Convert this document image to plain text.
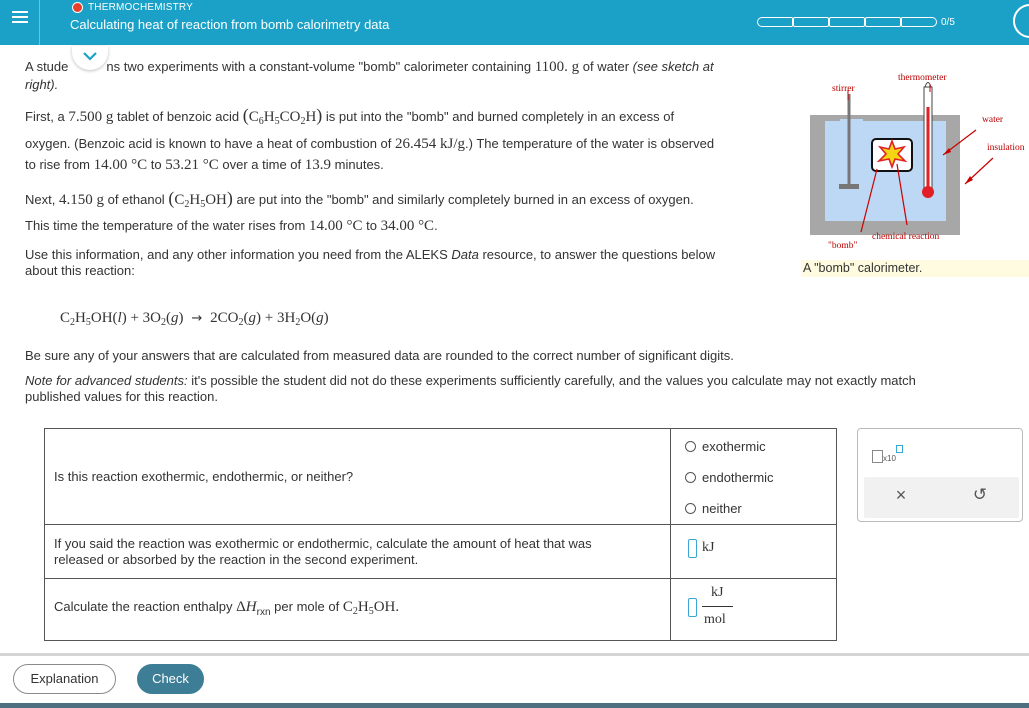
THERMOCHEMISTRY
Calculating heat of reaction from bomb calorimetry data	0/5
A stude	ns two experiments with a constant-volume "bomb" calorimeter containing 1100. g of water (see sketch at
right).
First, a 7.500 g tablet of benzoic acid $(C_6H_5CO_2H)$ is put into the "bomb" and burned completely in an excess of
oxygen. (Benzoic acid is known to have a heat of combustion of 26.454 kJ/g.) The temperature of the water is observed
to rise from 14.00 °C to 53.21 °C over a time of 13.9 minutes.
Next, 4.150 g of ethanol $(C_2H_5OH)$ are put into the "bomb" and similarly completely burned in an excess of oxygen.
This time the temperature of the water rises from 14.00 °C to 34.00 °C.
Use this information, and any other information you need from the ALEKS Data resource, to answer the questions below
about this reaction:
$C_2H_5OH(l) + 3O_2(g) \to 2CO_2(g) + 3H_2O(g)$
Be sure any of your answers that are calculated from measured data are rounded to the correct number of significant digits.
Note for advanced students: it's possible the student did not do these experiments sufficiently carefully, and the values you calculate may not exactly match
published values for this reaction.
stirrer
thermometer
water
insulation
chemical reaction
"bomb"
A "bomb" calorimeter.
Is this reaction exothermic, endothermic, or neither?
exothermic
endothermic
neither
If you said the reaction was exothermic or endothermic, calculate the amount of heat that was
released or absorbed by the reaction in the second experiment.
kJ
Calculate the reaction enthalpy $\Delta H_{rxn}$ per mole of $C_2H_5OH$.
kJ
mol
x10
×	↺
Explanation	Check
